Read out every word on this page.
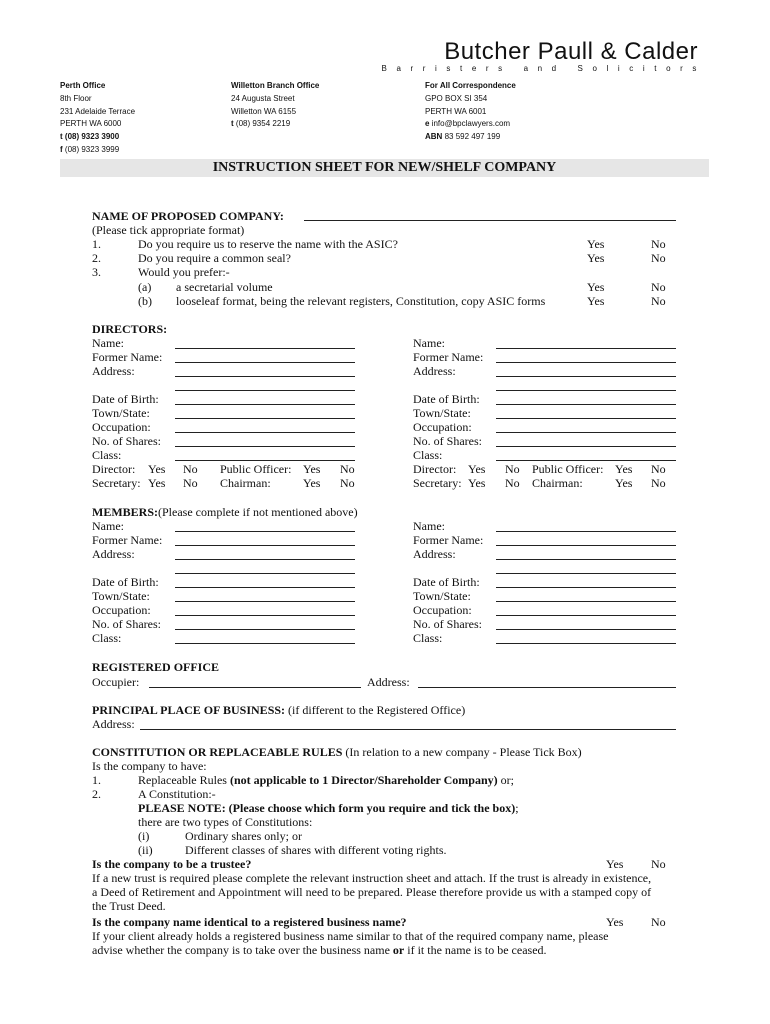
Butcher Paull & Calder
Barristers and Solicitors
Perth Office
8th Floor
231 Adelaide Terrace
PERTH WA 6000
t (08) 9323 3900
f (08) 9323 3999
Willetton Branch Office
24 Augusta Street
Willetton WA 6155
t (08) 9354 2219
For All Correspondence
GPO BOX SI 354
PERTH WA 6001
e info@bpclawyers.com
ABN 83 592 497 199
INSTRUCTION SHEET FOR NEW/SHELF COMPANY
NAME OF PROPOSED COMPANY:
(Please tick appropriate format)
1.	Do you require us to reserve the name with the ASIC?	Yes	No
2.	Do you require a common seal?	Yes	No
3.	Would you prefer:-
(a) a secretarial volume	Yes	No
(b) looseleaf format, being the relevant registers, Constitution, copy ASIC forms	Yes	No
DIRECTORS:
Name:
Former Name:
Address:
Date of Birth:
Town/State:
Occupation:
No. of Shares:
Class:
Director: Yes No Public Officer: Yes No
Secretary: Yes No Chairman:	Yes No
Name:
Former Name:
Address:
Date of Birth:
Town/State:
Occupation:
No. of Shares:
Class:
Director: Yes No Public Officer: Yes No
Secretary: Yes No Chairman:	Yes No
MEMBERS:(Please complete if not mentioned above)
Name:
Former Name:
Address:
Date of Birth:
Town/State:
Occupation:
No. of Shares:
Class:
Name:
Former Name:
Address:
Date of Birth:
Town/State:
Occupation:
No. of Shares:
Class:
REGISTERED OFFICE
Occupier:	Address:
PRINCIPAL PLACE OF BUSINESS: (if different to the Registered Office)
Address:
CONSTITUTION OR REPLACEABLE RULES (In relation to a new company - Please Tick Box)
Is the company to have:
1.	Replaceable Rules (not applicable to 1 Director/Shareholder Company) or;
2.	A Constitution:-
PLEASE NOTE: (Please choose which form you require and tick the box);
there are two types of Constitutions:
(i)	Ordinary shares only; or
(ii)	Different classes of shares with different voting rights.
Is the company to be a trustee?	Yes No
If a new trust is required please complete the relevant instruction sheet and attach. If the trust is already in existence,
a Deed of Retirement and Appointment will need to be prepared. Please therefore provide us with a stamped copy of
the Trust Deed.
Is the company name identical to a registered business name?	Yes No
If your client already holds a registered business name similar to that of the required company name, please
advise whether the company is to take over the business name or if it the name is to be ceased.
